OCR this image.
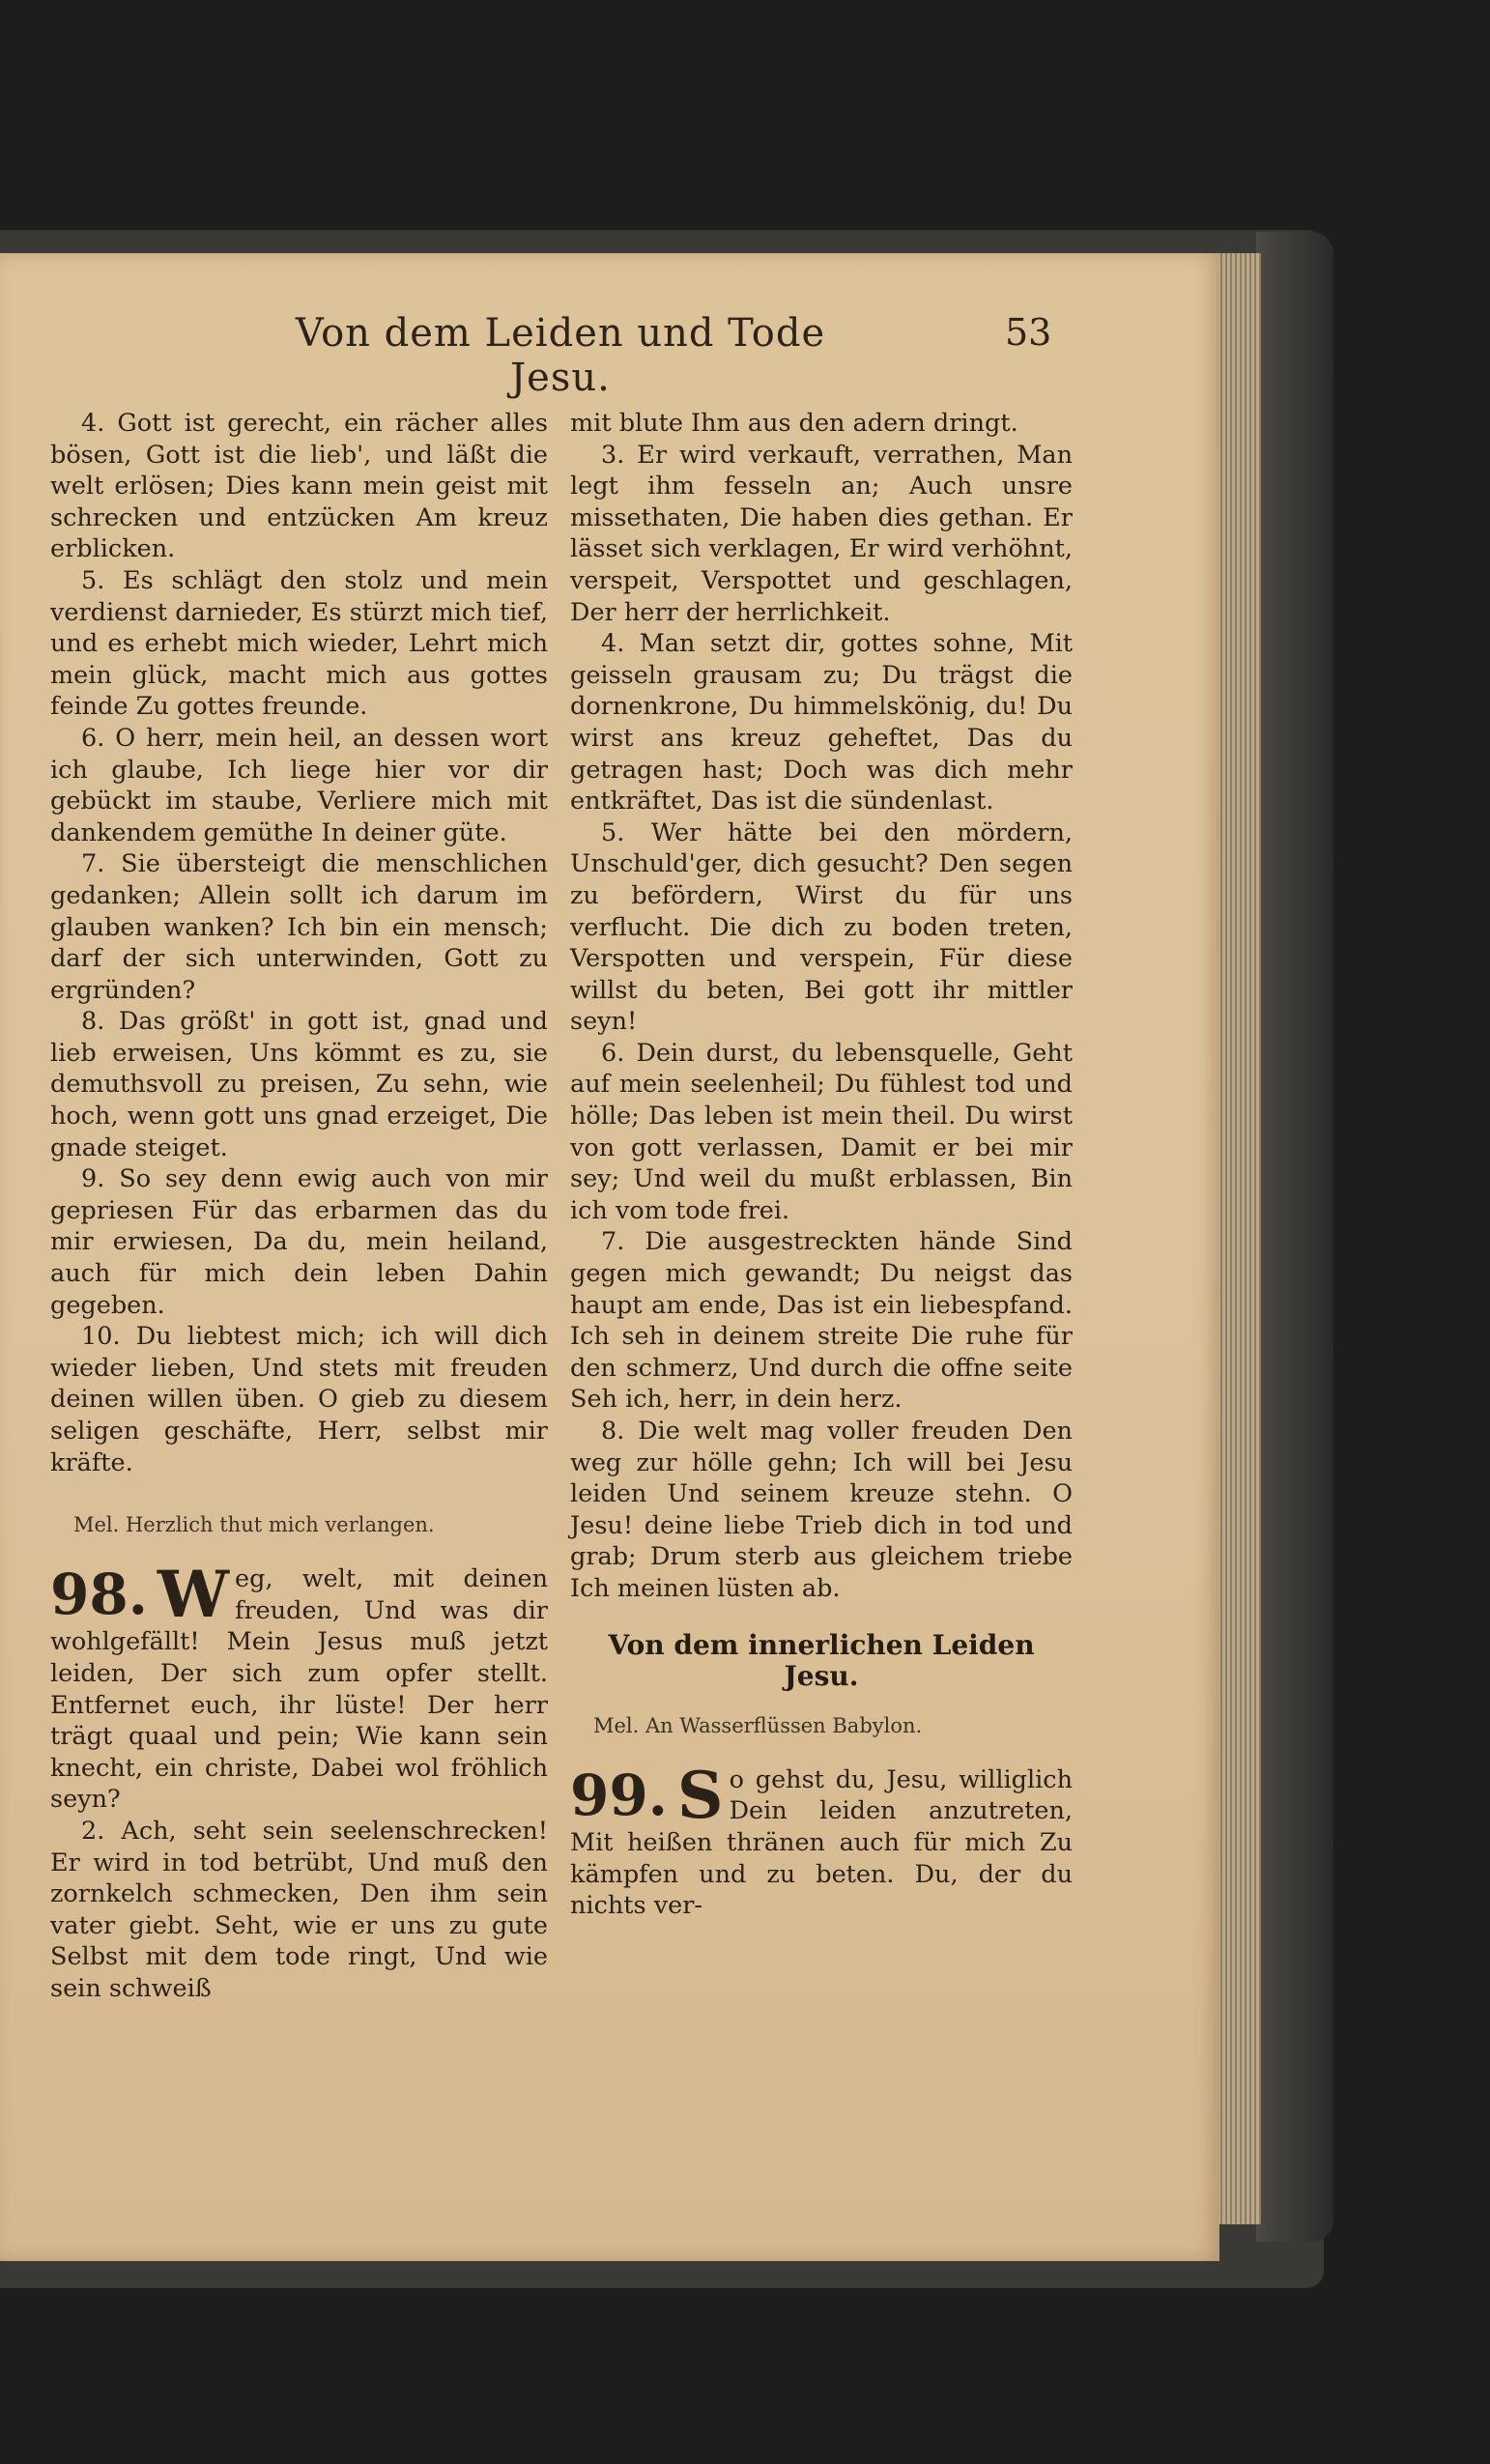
Von dem Leiden und Tode Jesu.
53

4. Gott ist gerecht, ein rächer alles bösen, Gott ist die lieb', und läßt die welt erlösen; Dies kann mein geist mit schrecken und entzücken Am kreuz erblicken.

5. Es schlägt den stolz und mein verdienst darnieder, Es stürzt mich tief, und es erhebt mich wieder, Lehrt mich mein glück, macht mich aus gottes feinde Zu gottes freunde.

6. O herr, mein heil, an dessen wort ich glaube, Ich liege hier vor dir gebückt im staube, Verliere mich mit dankendem gemüthe In deiner güte.

7. Sie übersteigt die menschlichen gedanken; Allein sollt ich darum im glauben wanken? Ich bin ein mensch; darf der sich unterwinden, Gott zu ergründen?

8. Das größt' in gott ist, gnad und lieb erweisen, Uns kömmt es zu, sie demuthsvoll zu preisen, Zu sehn, wie hoch, wenn gott uns gnad erzeiget, Die gnade steiget.

9. So sey denn ewig auch von mir gepriesen Für das erbarmen das du mir erwiesen, Da du, mein heiland, auch für mich dein leben Dahin gegeben.

10. Du liebtest mich; ich will dich wieder lieben, Und stets mit freuden deinen willen üben. O gieb zu diesem seligen geschäfte, Herr, selbst mir kräfte.

Mel. Herzlich thut mich verlangen.
98. W eg, welt, mit deinen freuden, Und was dir wohlgefällt! Mein Jesus muß jetzt leiden, Der sich zum opfer stellt. Entfernet euch, ihr lüste! Der herr trägt quaal und pein; Wie kann sein knecht, ein christe, Dabei wol fröhlich seyn?

2. Ach, seht sein seelenschrecken! Er wird in tod betrübt, Und muß den zornkelch schmecken, Den ihm sein vater giebt. Seht, wie er uns zu gute Selbst mit dem tode ringt, Und wie sein schweiß

mit blute Ihm aus den adern dringt.

3. Er wird verkauft, verrathen, Man legt ihm fesseln an; Auch unsre missethaten, Die haben dies gethan. Er lässet sich verklagen, Er wird verhöhnt, verspeit, Verspottet und geschlagen, Der herr der herrlichkeit.

4. Man setzt dir, gottes sohne, Mit geisseln grausam zu; Du trägst die dornenkrone, Du himmelskönig, du! Du wirst ans kreuz geheftet, Das du getragen hast; Doch was dich mehr entkräftet, Das ist die sündenlast.

5. Wer hätte bei den mördern, Unschuld'ger, dich gesucht? Den segen zu befördern, Wirst du für uns verflucht. Die dich zu boden treten, Verspotten und verspein, Für diese willst du beten, Bei gott ihr mittler seyn!

6. Dein durst, du lebensquelle, Geht auf mein seelenheil; Du fühlest tod und hölle; Das leben ist mein theil. Du wirst von gott verlassen, Damit er bei mir sey; Und weil du mußt erblassen, Bin ich vom tode frei.

7. Die ausgestreckten hände Sind gegen mich gewandt; Du neigst das haupt am ende, Das ist ein liebespfand. Ich seh in deinem streite Die ruhe für den schmerz, Und durch die offne seite Seh ich, herr, in dein herz.

8. Die welt mag voller freuden Den weg zur hölle gehn; Ich will bei Jesu leiden Und seinem kreuze stehn. O Jesu! deine liebe Trieb dich in tod und grab; Drum sterb aus gleichem triebe Ich meinen lüsten ab.

Von dem innerlichen Leiden Jesu.
Mel. An Wasserflüssen Babylon.
99. S o gehst du, Jesu, williglich Dein leiden anzutreten, Mit heißen thränen auch für mich Zu kämpfen und zu beten. Du, der du nichts ver-
